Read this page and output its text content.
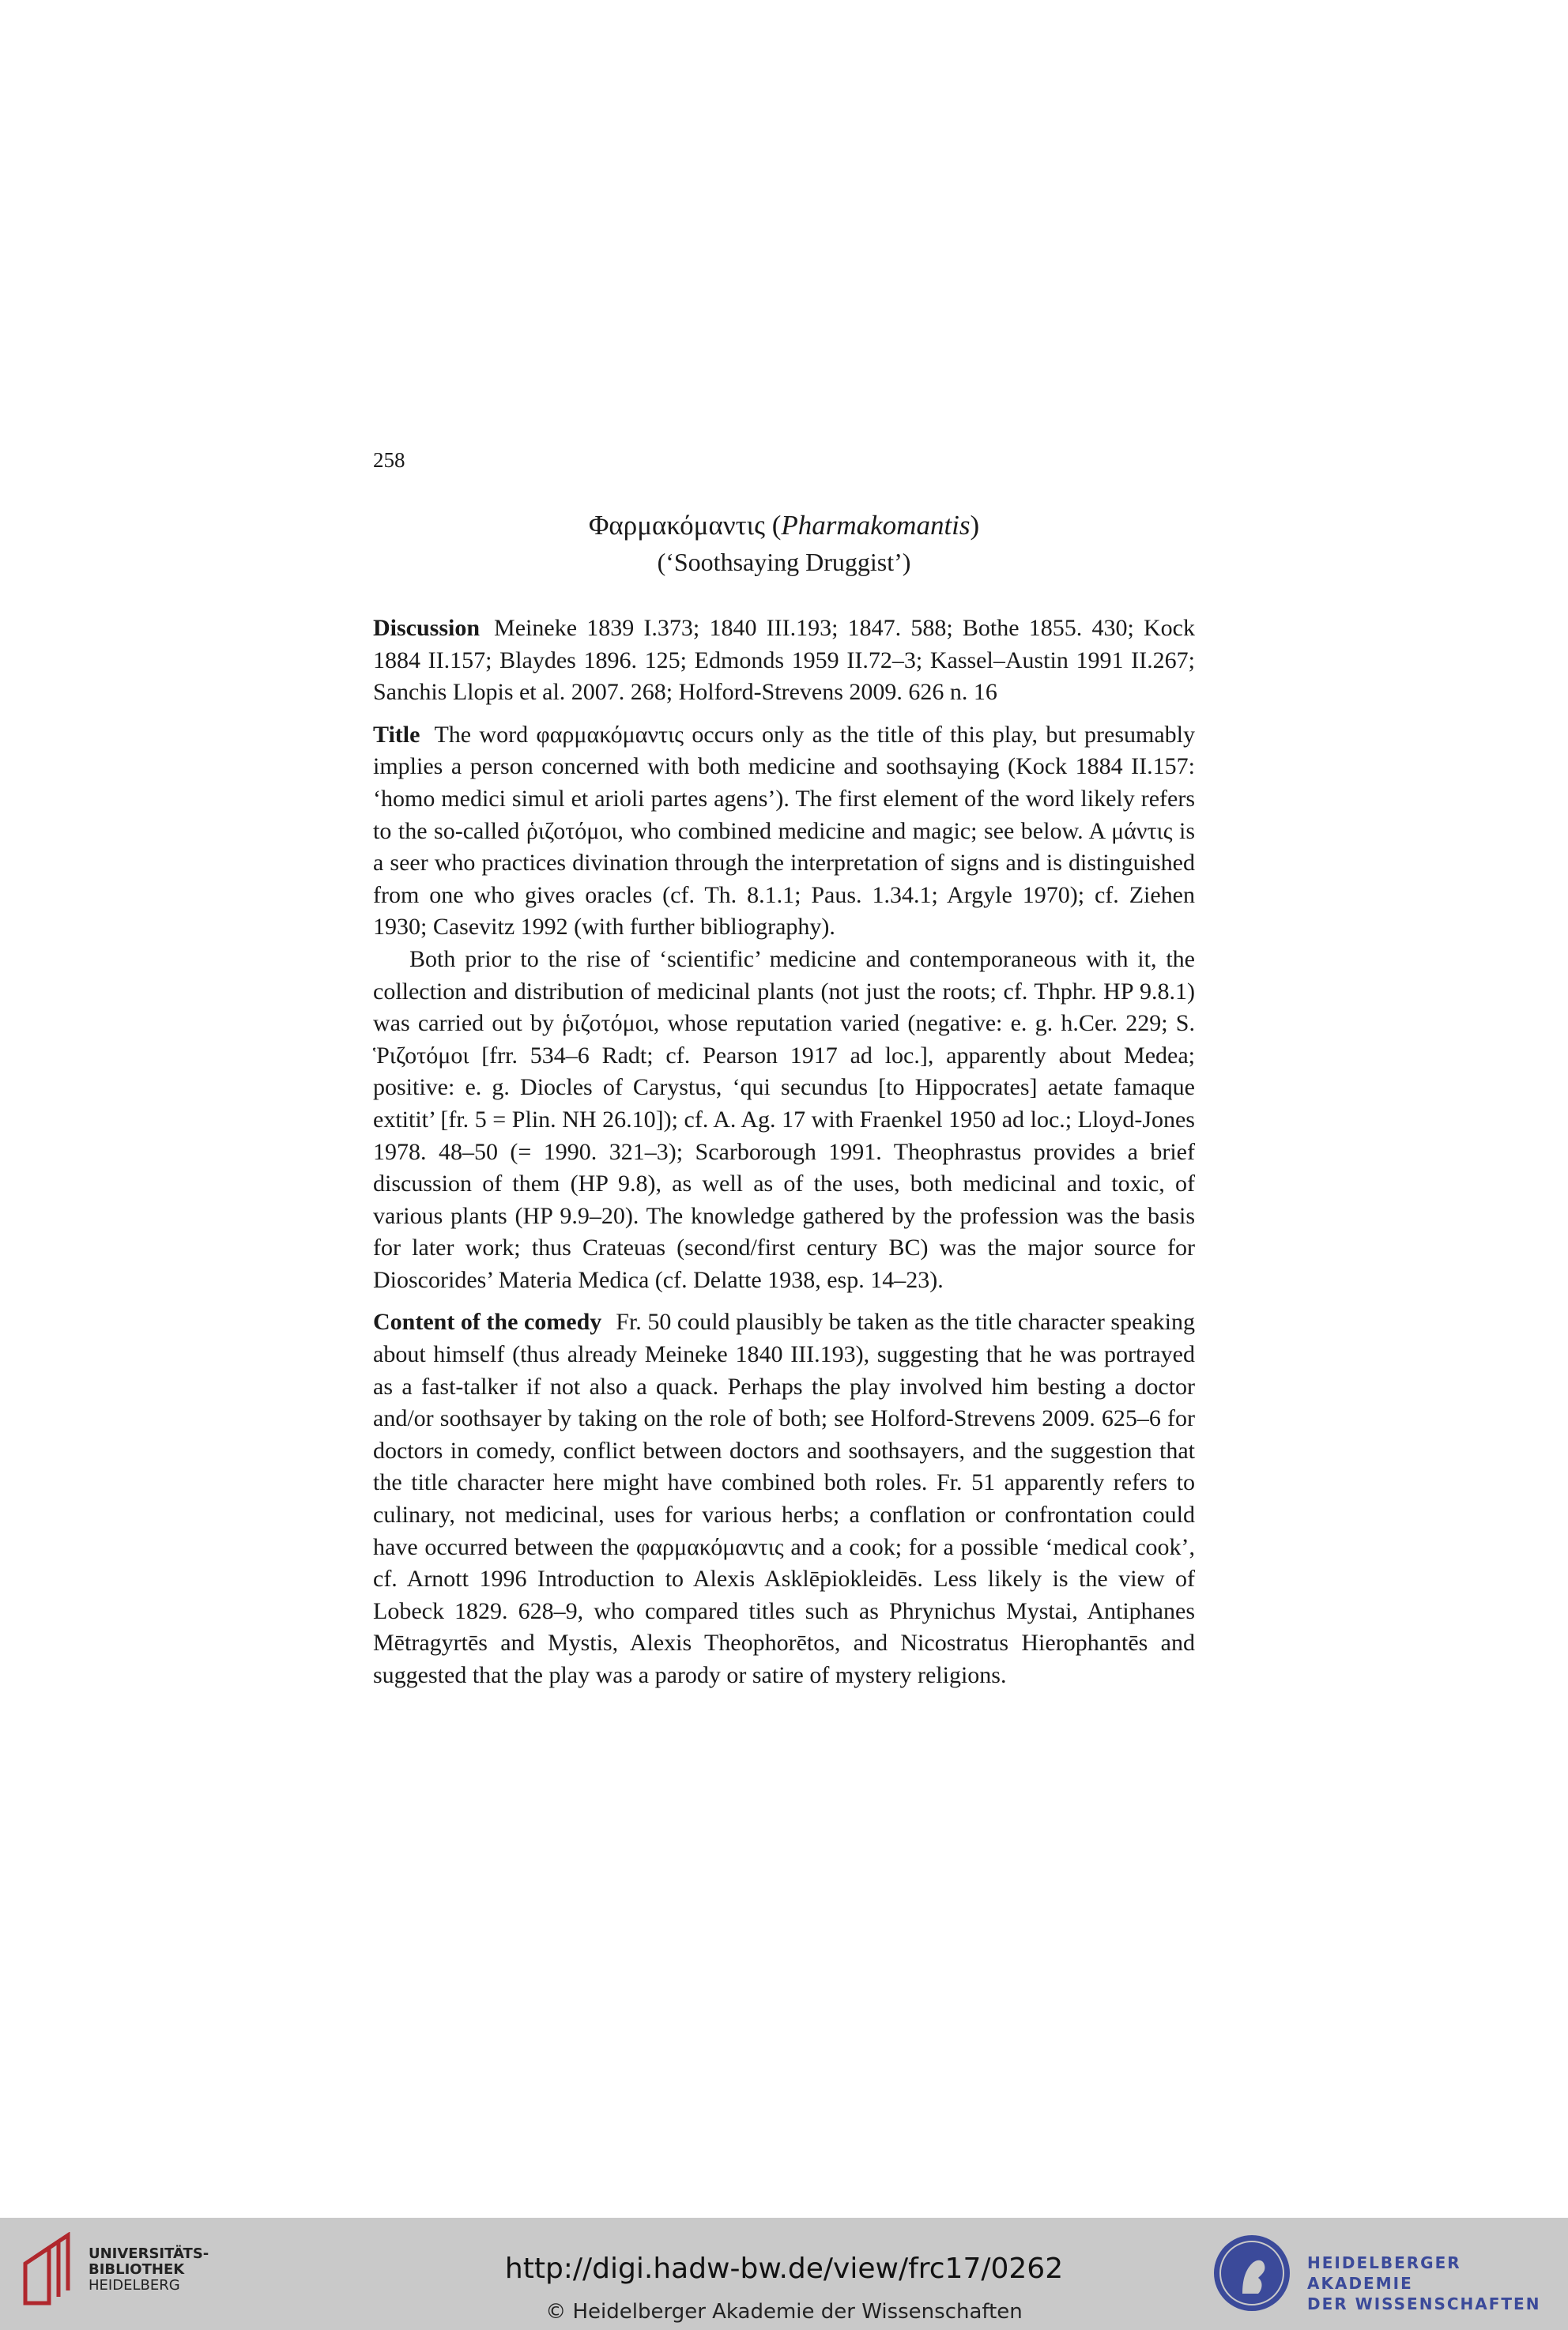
258
Φαρμακόμαντις (Pharmakomantis)
(‘Soothsaying Druggist’)

Discussion Meineke 1839 I.373; 1840 III.193; 1847. 588; Bothe 1855. 430; Kock 1884 II.157; Blaydes 1896. 125; Edmonds 1959 II.72–3; Kassel–Austin 1991 II.267; Sanchis Llopis et al. 2007. 268; Holford-Strevens 2009. 626 n. 16

Title The word φαρμακόμαντις occurs only as the title of this play, but presumably implies a person concerned with both medicine and soothsaying (Kock 1884 II.157: ‘homo medici simul et arioli partes agens’). The first element of the word likely refers to the so-called ῥιζοτόμοι, who combined medicine and magic; see below. A μάντις is a seer who practices divination through the interpretation of signs and is distinguished from one who gives oracles (cf. Th. 8.1.1; Paus. 1.34.1; Argyle 1970); cf. Ziehen 1930; Casevitz 1992 (with further bibliography).

Both prior to the rise of ‘scientific’ medicine and contemporaneous with it, the collection and distribution of medicinal plants (not just the roots; cf. Thphr. HP 9.8.1) was carried out by ῥιζοτόμοι, whose reputation varied (negative: e. g. h.Cer. 229; S. Ῥιζοτόμοι [frr. 534–6 Radt; cf. Pearson 1917 ad loc.], apparently about Medea; positive: e. g. Diocles of Carystus, ‘qui secundus [to Hippocrates] aetate famaque extitit’ [fr. 5 = Plin. NH 26.10]); cf. A. Ag. 17 with Fraenkel 1950 ad loc.; Lloyd-Jones 1978. 48–50 (= 1990. 321–3); Scarborough 1991. Theophrastus provides a brief discussion of them (HP 9.8), as well as of the uses, both medicinal and toxic, of various plants (HP 9.9–20). The knowledge gathered by the profession was the basis for later work; thus Crateuas (second/first century BC) was the major source for Dioscorides’ Materia Medica (cf. Delatte 1938, esp. 14–23).

Content of the comedy Fr. 50 could plausibly be taken as the title character speaking about himself (thus already Meineke 1840 III.193), suggesting that he was portrayed as a fast-talker if not also a quack. Perhaps the play involved him besting a doctor and/or soothsayer by taking on the role of both; see Holford-Strevens 2009. 625–6 for doctors in comedy, conflict between doctors and soothsayers, and the suggestion that the title character here might have combined both roles. Fr. 51 apparently refers to culinary, not medicinal, uses for various herbs; a conflation or confrontation could have occurred between the φαρμακόμαντις and a cook; for a possible ‘medical cook’, cf. Arnott 1996 Introduction to Alexis Asklēpiokleidēs. Less likely is the view of Lobeck 1829. 628–9, who compared titles such as Phrynichus Mystai, Antiphanes Mētragyrtēs and Mystis, Alexis Theophorētos, and Nicostratus Hierophantēs and suggested that the play was a parody or satire of mystery religions.

UNIVERSITÄTS-
BIBLIOTHEK
HEIDELBERG
http://digi.hadw-bw.de/view/frc17/0262
© Heidelberger Akademie der Wissenschaften
HEIDELBERGER AKADEMIE
DER WISSENSCHAFTEN
